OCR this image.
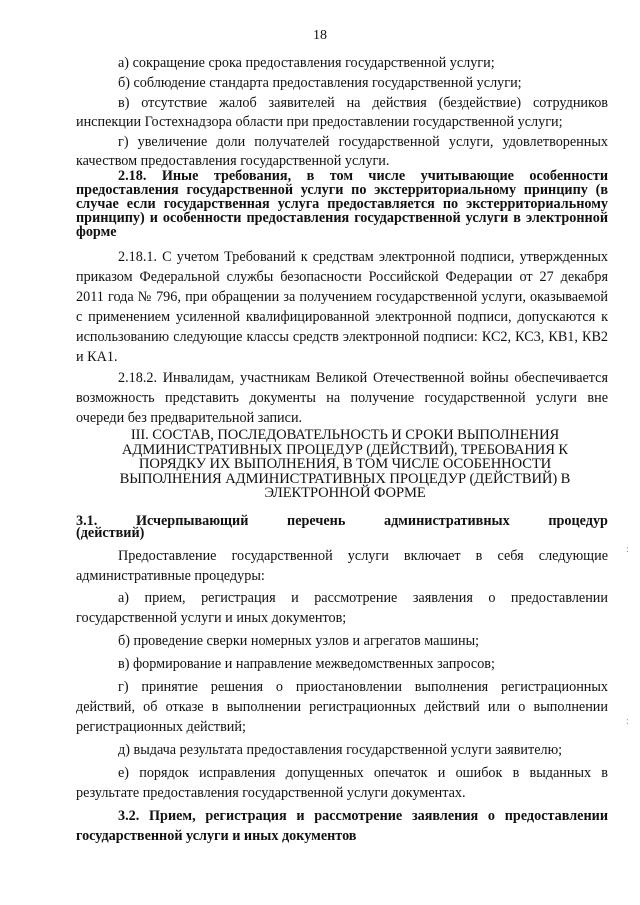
18

а) сокращение срока предоставления государственной услуги;

б) соблюдение стандарта предоставления государственной услуги;

в) отсутствие жалоб заявителей на действия (бездействие) сотрудников инспекции Гостехнадзора области при предоставлении государственной услуги;

г) увеличение доли получателей государственной услуги, удовлетворенных качеством предоставления государственной услуги.

2.18. Иные требования, в том числе учитывающие особенности предоставления государственной услуги по экстерриториальному принципу (в случае если государственная услуга предоставляется по экстерриториальному принципу) и особенности предоставления государственной услуги в электронной форме

2.18.1. С учетом Требований к средствам электронной подписи, утвержденных приказом Федеральной службы безопасности Российской Федерации от 27 декабря 2011 года № 796, при обращении за получением государственной услуги, оказываемой с применением усиленной квалифицированной электронной подписи, допускаются к использованию следующие классы средств электронной подписи: КС2, КС3, КВ1, КВ2 и КА1.

2.18.2. Инвалидам, участникам Великой Отечественной войны обеспечивается возможность представить документы на получение государственной услуги вне очереди без предварительной записи.

III. СОСТАВ, ПОСЛЕДОВАТЕЛЬНОСТЬ И СРОКИ ВЫПОЛНЕНИЯ АДМИНИСТРАТИВНЫХ ПРОЦЕДУР (ДЕЙСТВИЙ), ТРЕБОВАНИЯ К ПОРЯДКУ ИХ ВЫПОЛНЕНИЯ, В ТОМ ЧИСЛЕ ОСОБЕННОСТИ ВЫПОЛНЕНИЯ АДМИНИСТРАТИВНЫХ ПРОЦЕДУР (ДЕЙСТВИЙ) В ЭЛЕКТРОННОЙ ФОРМЕ

3.1.	Исчерпывающий	перечень	административных	процедур

(действий)

Предоставление государственной услуги включает в себя следующие административные процедуры:

а) прием, регистрация и рассмотрение заявления о предоставлении государственной услуги и иных документов;

б) проведение сверки номерных узлов и агрегатов машины;

в) формирование и направление межведомственных запросов;

г) принятие решения о приостановлении выполнения регистрационных действий, об отказе в выполнении регистрационных действий или о выполнении регистрационных действий;

д) выдача результата предоставления государственной услуги заявителю;

е) порядок исправления допущенных опечаток и ошибок в выданных в результате предоставления государственной услуги документах.

3.2. Прием, регистрация и рассмотрение заявления о предоставлении государственной услуги и иных документов

:
:
